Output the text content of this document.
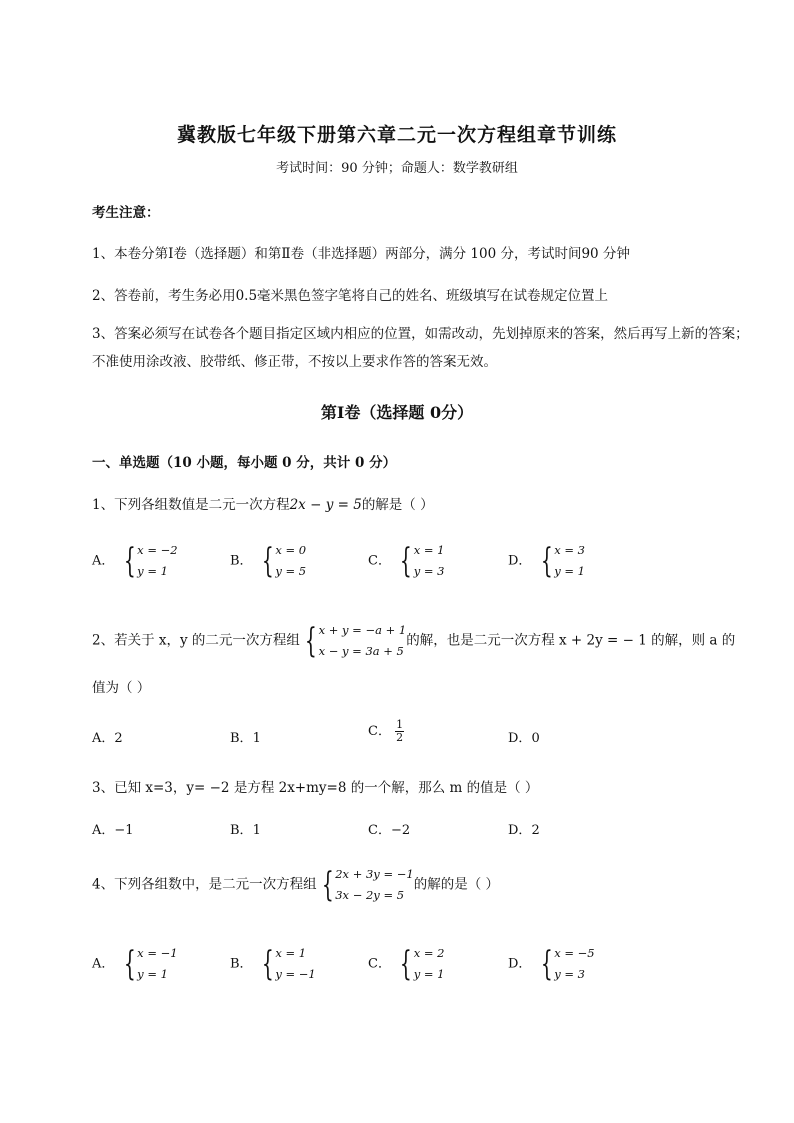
冀教版七年级下册第六章二元一次方程组章节训练
考试时间：90 分钟；命题人：数学教研组
考生注意：
1、本卷分第Ⅰ卷（选择题）和第Ⅱ卷（非选择题）两部分，满分 100 分，考试时间90 分钟
2、答卷前，考生务必用0.5毫米黑色签字笔将自己的姓名、班级填写在试卷规定位置上
3、答案必须写在试卷各个题目指定区域内相应的位置，如需改动，先划掉原来的答案，然后再写上新的答案；不准使用涂改液、胶带纸、修正带，不按以上要求作答的答案无效。
第Ⅰ卷（选择题 0分）
一、单选题（10 小题，每小题 0 分，共计 0 分）
1、下列各组数值是二元一次方程2x − y = 5的解是（ ）
A． { x = −2
y = 1
B． { x = 0
y = 5
C． { x = 1
y = 3
D． { x = 3
y = 1
2、若关于 x，y 的二元一次方程组 { x + y = −a + 1
x − y = 3a + 5
的解，也是二元一次方程 x + 2y = − 1 的解，则 a 的
值为（ ）
A．2	B．1	C． $\frac{1}{2}$	D．0
3、已知 x=3，y= −2 是方程 2x+my=8 的一个解，那么 m 的值是（ ）
A．−1	B．1	C．−2	D．2
4、下列各组数中，是二元一次方程组 { 2x + 3y = −1
3x − 2y = 5
的解的是（ ）
A． { x = −1
y = 1
B． { x = 1
y = −1
C． { x = 2
y = 1
D． { x = −5
y = 3
